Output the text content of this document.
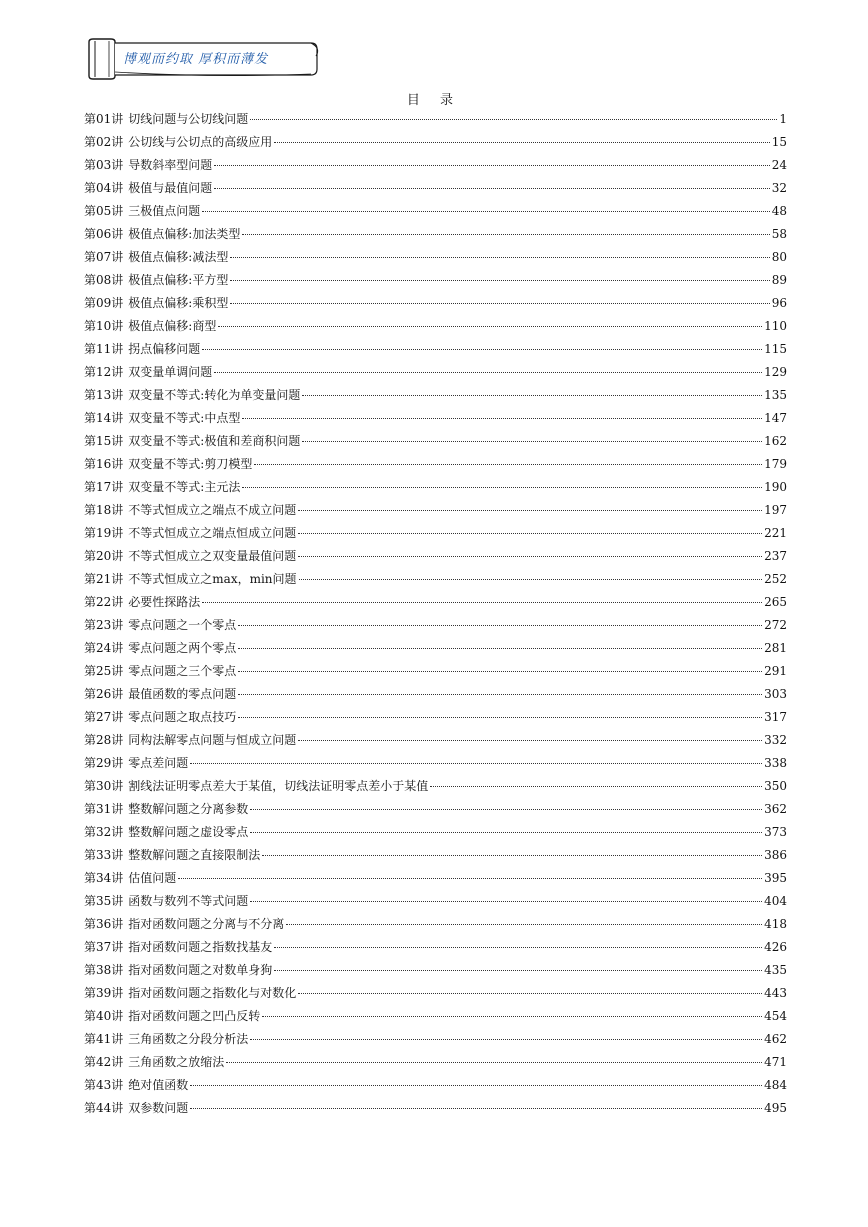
博观而约取 厚积而薄发
目 录
第01讲 切线问题与公切线问题	1
第02讲 公切线与公切点的高级应用	15
第03讲 导数斜率型问题	24
第04讲 极值与最值问题	32
第05讲 三极值点问题	48
第06讲 极值点偏移:加法类型	58
第07讲 极值点偏移:减法型	80
第08讲 极值点偏移:平方型	89
第09讲 极值点偏移:乘积型	96
第10讲 极值点偏移:商型	110
第11讲 拐点偏移问题	115
第12讲 双变量单调问题	129
第13讲 双变量不等式:转化为单变量问题	135
第14讲 双变量不等式:中点型	147
第15讲 双变量不等式:极值和差商积问题	162
第16讲 双变量不等式:剪刀模型	179
第17讲 双变量不等式:主元法	190
第18讲 不等式恒成立之端点不成立问题	197
第19讲 不等式恒成立之端点恒成立问题	221
第20讲 不等式恒成立之双变量最值问题	237
第21讲 不等式恒成立之max，min问题	252
第22讲 必要性探路法	265
第23讲 零点问题之一个零点	272
第24讲 零点问题之两个零点	281
第25讲 零点问题之三个零点	291
第26讲 最值函数的零点问题	303
第27讲 零点问题之取点技巧	317
第28讲 同构法解零点问题与恒成立问题	332
第29讲 零点差问题	338
第30讲 割线法证明零点差大于某值，切线法证明零点差小于某值	350
第31讲 整数解问题之分离参数	362
第32讲 整数解问题之虚设零点	373
第33讲 整数解问题之直接限制法	386
第34讲 估值问题	395
第35讲 函数与数列不等式问题	404
第36讲 指对函数问题之分离与不分离	418
第37讲 指对函数问题之指数找基友	426
第38讲 指对函数问题之对数单身狗	435
第39讲 指对函数问题之指数化与对数化	443
第40讲 指对函数问题之凹凸反转	454
第41讲 三角函数之分段分析法	462
第42讲 三角函数之放缩法	471
第43讲 绝对值函数	484
第44讲 双参数问题	495
